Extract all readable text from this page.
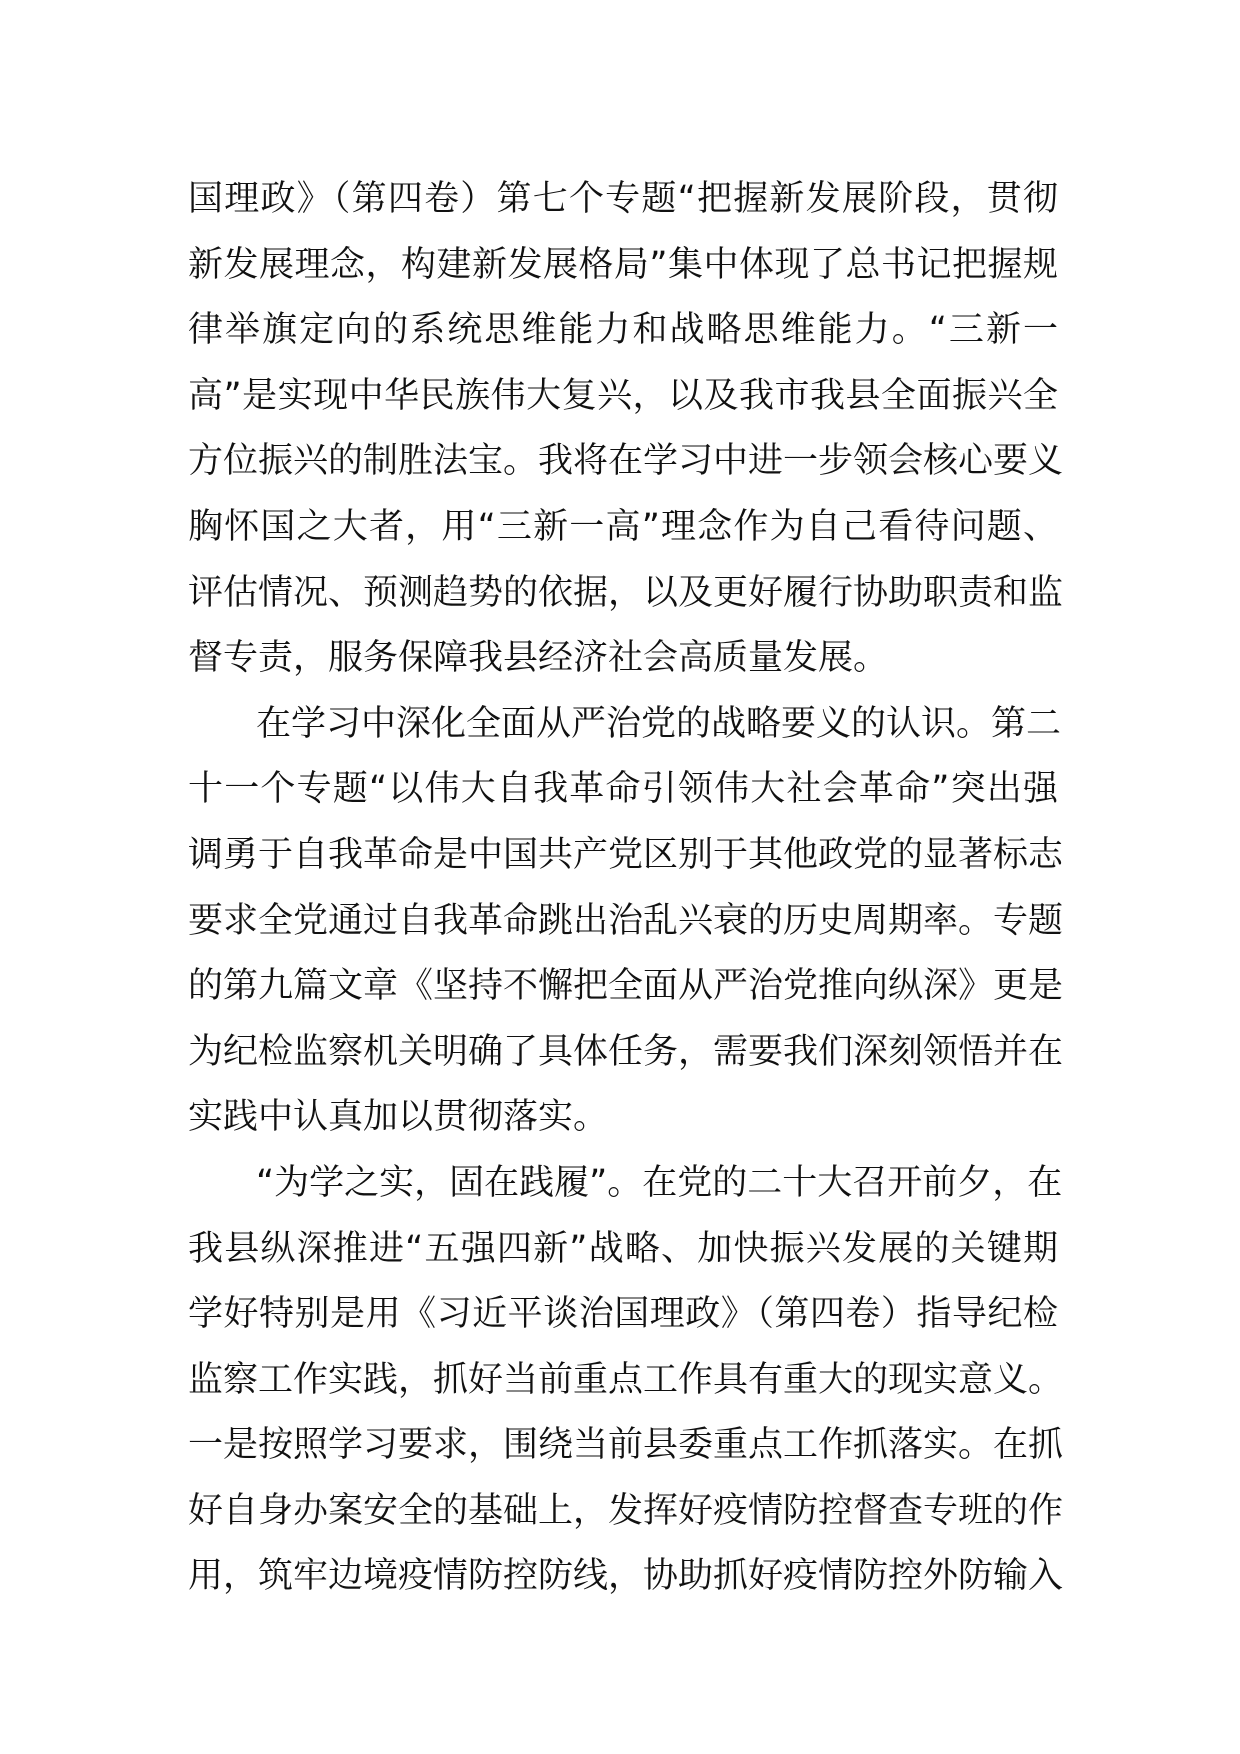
国理政》（第四卷）第七个专题“把握新发展阶段，贯彻
新发展理念，构建新发展格局”集中体现了总书记把握规
律举旗定向的系统思维能力和战略思维能力。“三新一
高”是实现中华民族伟大复兴，以及我市我县全面振兴全
方位振兴的制胜法宝。我将在学习中进一步领会核心要义
胸怀国之大者，用“三新一高”理念作为自己看待问题、
评估情况、预测趋势的依据，以及更好履行协助职责和监
督专责，服务保障我县经济社会高质量发展。
在学习中深化全面从严治党的战略要义的认识。第二
十一个专题“以伟大自我革命引领伟大社会革命”突出强
调勇于自我革命是中国共产党区别于其他政党的显著标志
要求全党通过自我革命跳出治乱兴衰的历史周期率。专题
的第九篇文章《坚持不懈把全面从严治党推向纵深》更是
为纪检监察机关明确了具体任务，需要我们深刻领悟并在
实践中认真加以贯彻落实。
“为学之实，固在践履”。在党的二十大召开前夕，在
我县纵深推进“五强四新”战略、加快振兴发展的关键期
学好特别是用《习近平谈治国理政》（第四卷）指导纪检
监察工作实践，抓好当前重点工作具有重大的现实意义。
一是按照学习要求，围绕当前县委重点工作抓落实。在抓
好自身办案安全的基础上，发挥好疫情防控督查专班的作
用，筑牢边境疫情防控防线，协助抓好疫情防控外防输入
